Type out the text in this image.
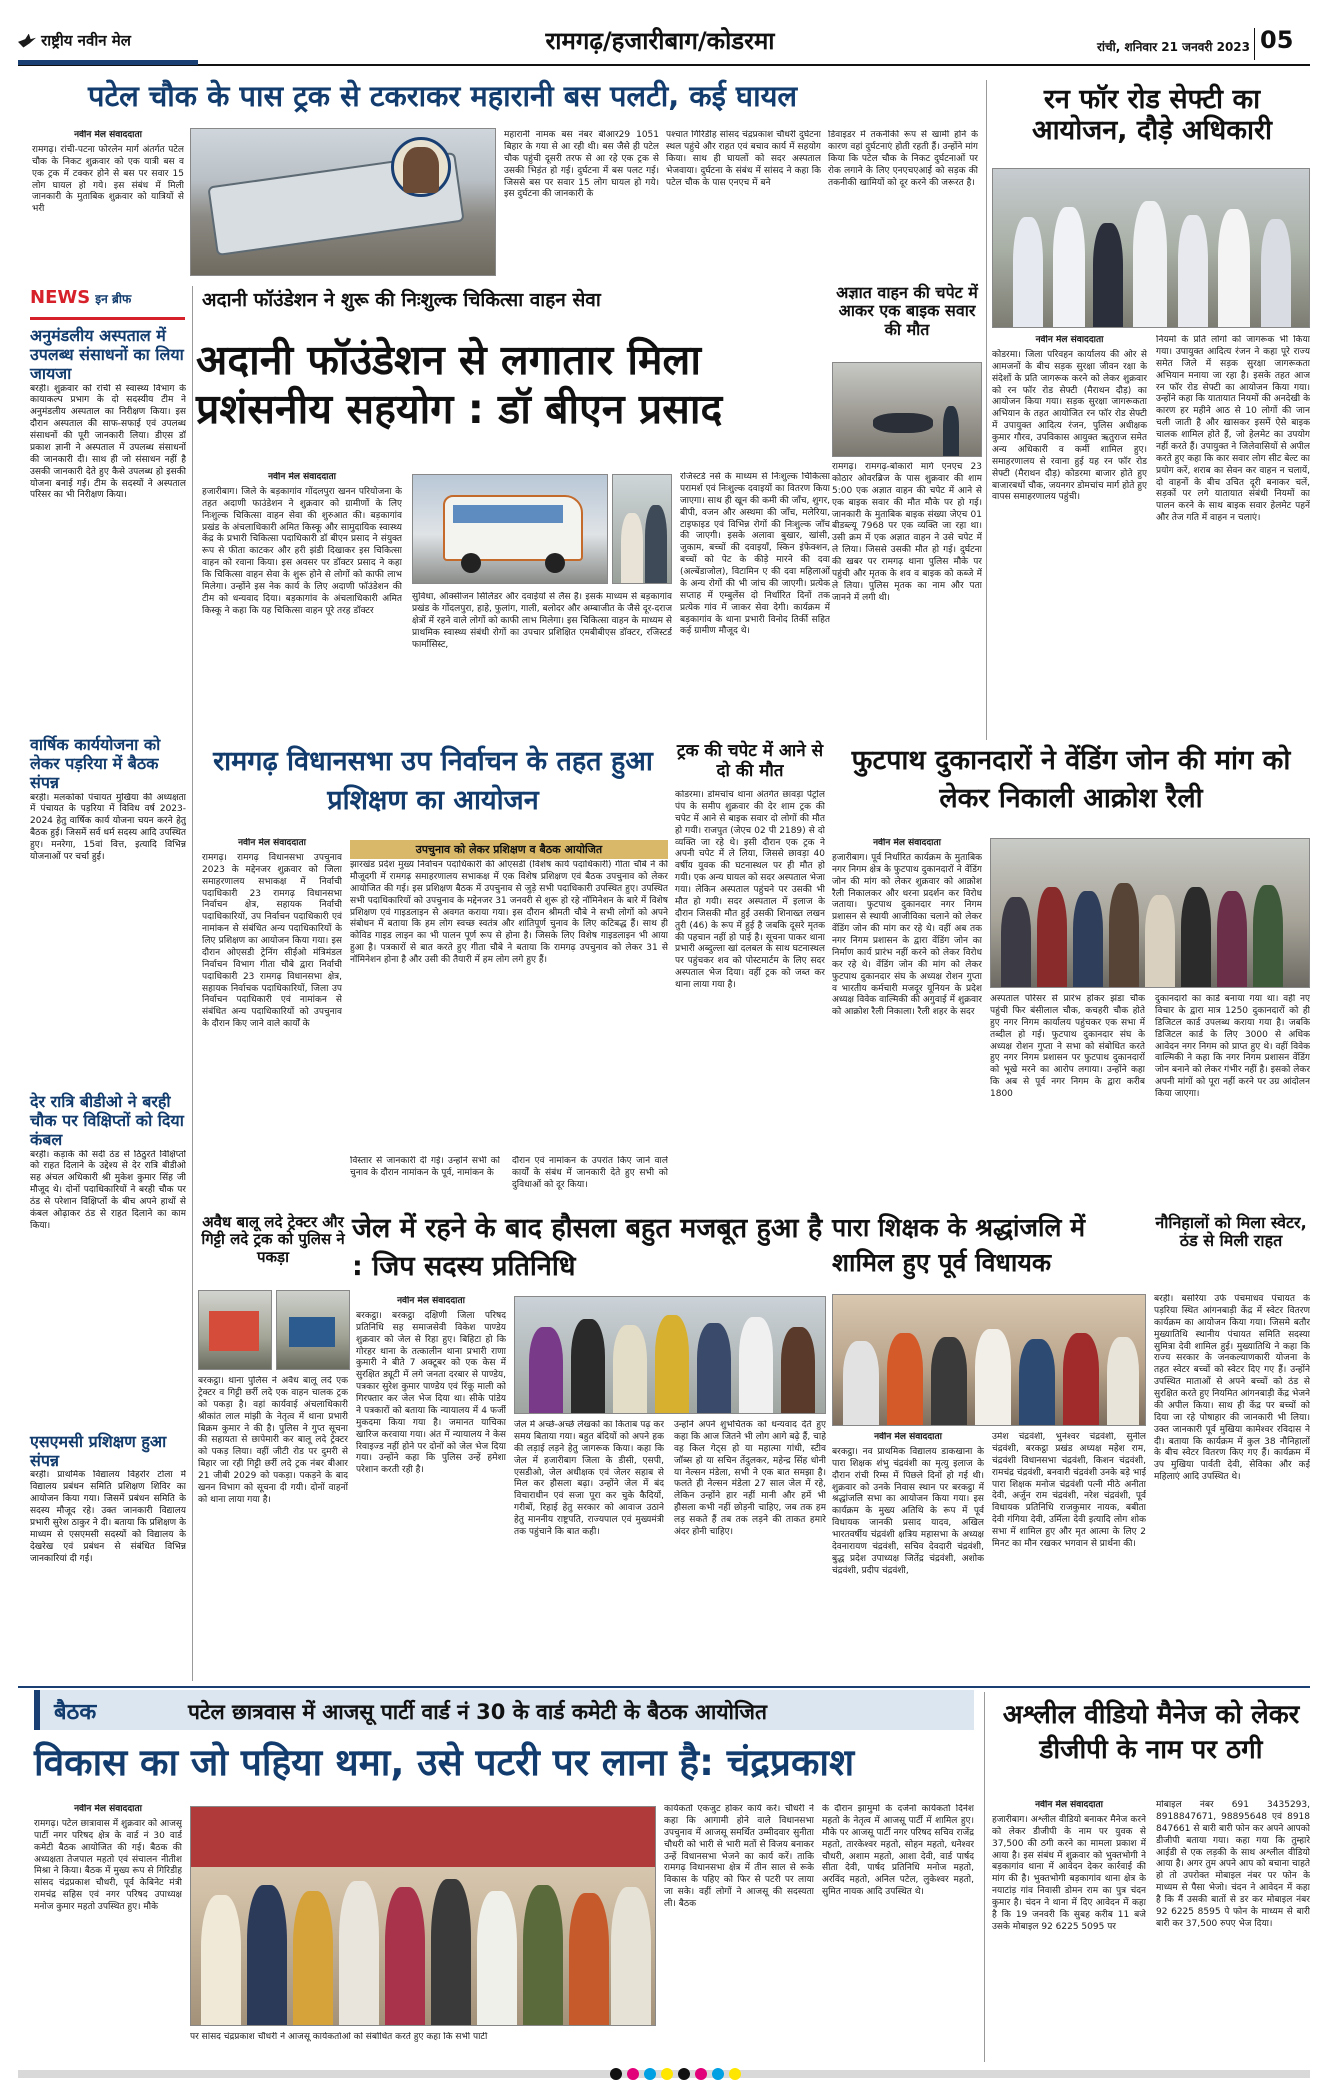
राष्ट्रीय नवीन मेल	रामगढ़/हजारीबाग/कोडरमा	रांची, शनिवार 21 जनवरी 2023 05
पटेल चौक के पास ट्रक से टकराकर महारानी बस पलटी, कई घायल
नवीन मेल संवाददाता
रामगढ़। रांची-पटना फोरलेन मार्ग अंतर्गत पटेल चौक के निकट शुक्रवार को एक यात्री बस व एक ट्रक में टक्कर होने से बस पर सवार 15 लोग घायल हो गये। इस संबंध में मिली जानकारी के मुताबिक शुक्रवार को यात्रियों से भरी
महारानी नामक बस नंबर बीआर29 1051 बिहार के गया से आ रही थी। बस जैसे ही पटेल चौक पहुंची दूसरी तरफ से आ रहे एक ट्रक से उसकी भिड़ंत हो गई। दुर्घटना में बस पलट गई। जिससे बस पर सवार 15 लोग घायल हो गये। इस दुर्घटना की जानकारी के
पश्चात गिरिडीह सांसद चंद्रप्रकाश चौधरी दुर्घटना स्थल पहुंचे और राहत एवं बचाव कार्य में सहयोग किया। साथ ही घायलों को सदर अस्पताल भेजवाया। दुर्घटना के संबंध में सांसद ने कहा कि पटेल चौक के पास एनएच में बने
डिवाइडर में तकनीकी रूप से खामी होने के कारण वहां दुर्घटनाएं होती रहती हैं। उन्होंने मांग किया कि पटेल चौक के निकट दुर्घटनाओं पर रोक लगाने के लिए एनएचएआई को सड़क की तकनीकी खामियों को दूर करने की जरूरत है।
रन फॉर रोड सेफ्टी का आयोजन, दौड़े अधिकारी
नवीन मेल संवाददाता
कोडरमा। जिला परिवहन कार्यालय की ओर से आमजनों के बीच सड़क सुरक्षा जीवन रक्षा के संदेशों के प्रति जागरूक करने को लेकर शुक्रवार को रन फॉर रोड सेफ्टी (मैराथन दौड़) का आयोजन किया गया। सड़क सुरक्षा जागरूकता अभियान के तहत आयोजित रन फॉर रोड सेफ्टी में उपायुक्त आदित्य रंजन, पुलिस अधीक्षक कुमार गौरव, उपविकास आयुक्त ऋतुराज समेत अन्य अधिकारी व कर्मी शामिल हुए। समाहरणालय से रवाना हुई यह रन फॉर रोड सेफ्टी (मैराथन दौड़) कोडरमा बाजार होते हुए बाजारबधों चौक, जयनगर डोमचांच मार्ग होते हुए वापस समाहरणालय पहुंची।
नियमों के प्रति लोगों को जागरूक भी किया गया। उपायुक्त आदित्य रंजन ने कहा पूरे राज्य समेत जिले में सड़क सुरक्षा जागरूकता अभियान मनाया जा रहा है। इसके तहत आज रन फॉर रोड सेफ्टी का आयोजन किया गया। उन्होंने कहा कि यातायात नियमों की अनदेखी के कारण हर महीने आठ से 10 लोगों की जान चली जाती है और खासकर इसमें ऐसे बाइक चालक शामिल होते हैं, जो हेलमेट का उपयोग नहीं करते हैं। उपायुक्त ने जिलेवासियों से अपील करते हुए कहा कि कार सवार लोग सीट बेल्ट का प्रयोग करें, शराब का सेवन कर वाहन न चलायें, दो वाहनों के बीच उचित दूरी बनाकर चलें, सड़कों पर लगे यातायात संबंधी नियमों का पालन करने के साथ बाइक सवार हेलमेट पहनें और तेज गति में वाहन न चलाएं।
NEWS इन ब्रीफ
अनुमंडलीय अस्पताल में उपलब्ध संसाधनों का लिया जायजा
बरही। शुक्रवार को रांची से स्वास्थ्य विभाग के कायाकल्प प्रभाग के दो सदस्यीय टीम ने अनुमंडलीय अस्पताल का निरीक्षण किया। इस दौरान अस्पताल की साफ-सफाई एवं उपलब्ध संसाधनों की पूरी जानकारी लिया। डीएस डॉ प्रकाश ज्ञानी ने अस्पताल में उपलब्ध संसाधनों की जानकारी दी। साथ ही जो संसाधन नहीं है उसकी जानकारी देते हुए कैसे उपलब्ध हो इसकी योजना बनाई गई। टीम के सदस्यों ने अस्पताल परिसर का भी निरीक्षण किया।
वार्षिक कार्ययोजना को लेकर पड़रिया में बैठक संपन्न
बरही। मलकोको पंचायत मुखिया की अध्यक्षता में पंचायत के पड़रिया में विविध वर्ष 2023-2024 हेतु वार्षिक कार्य योजना चयन करने हेतु बैठक हुई। जिसमें सर्व धर्म सदस्य आदि उपस्थित हुए। मनरेगा, 15वां वित्त, इत्यादि विभिन्न योजनाओं पर चर्चा हुई।
देर रात्रि बीडीओ ने बरही चौक पर विक्षिप्तों को दिया कंबल
बरही। कड़ाके की सर्दी ठंड से ठिठुरते विक्षिप्तों को राहत दिलाने के उद्देश्य से देर रात्रि बीडीओ सह अंचल अधिकारी श्री मुकेश कुमार सिंह जी मौजूद थे। दोनों पदाधिकारियों ने बरही चौक पर ठंड से परेशान विक्षिप्तों के बीच अपने हाथों से कंबल ओढ़ाकर ठंड से राहत दिलाने का काम किया।
एसएमसी प्रशिक्षण हुआ संपन्न
बरही। प्राथमिक विद्यालय विहरोर टोला में विद्यालय प्रबंधन समिति प्रशिक्षण शिविर का आयोजन किया गया। जिसमें प्रबंधन समिति के सदस्य मौजूद रहे। उक्त जानकारी विद्यालय प्रभारी सुरेश ठाकुर ने दी। बताया कि प्रशिक्षण के माध्यम से एसएमसी सदस्यों को विद्यालय के देखरेख एवं प्रबंधन से संबंधित विभिन्न जानकारियां दी गई।
अदानी फॉउंडेशन ने शुरू की निःशुल्क चिकित्सा वाहन सेवा
अदानी फॉउंडेशन से लगातार मिला प्रशंसनीय सहयोग : डॉ बीएन प्रसाद
नवीन मेल संवाददाता
हजारीबाग। जिले के बड़कागांव गोंदलपुरा खनन परियोजना के तहत अदाणी फाउंडेशन ने शुक्रवार को ग्रामीणों के लिए निःशुल्क चिकित्सा वाहन सेवा की शुरुआत की। बड़कागांव प्रखंड के अंचलाधिकारी अमित किस्कू और सामुदायिक स्वास्थ्य केंद्र के प्रभारी चिकित्सा पदाधिकारी डॉ बीएन प्रसाद ने संयुक्त रूप से फीता काटकर और हरी झंडी दिखाकर इस चिकित्सा वाहन को रवाना किया। इस अवसर पर डॉक्टर प्रसाद ने कहा कि चिकित्सा वाहन सेवा के शुरू होने से लोगों को काफी लाभ मिलेगा। उन्होंने इस नेक कार्य के लिए अदाणी फॉउंडेशन की टीम को धन्यवाद दिया। बड़कागांव के अंचलाधिकारी अमित किस्कू ने कहा कि यह चिकित्सा वाहन पूरे तरह डॉक्टर
सुविधा, ऑक्सीजन सिलिंडर और दवाईयों से लैस है। इसके माध्यम से बड़कागांव प्रखंड के गोंदलपुरा, हाहे, फुलांग, गाली, बलोदर और अम्बाजीत के जैसे दूर-दराज क्षेत्रों में रहने वाले लोगों को काफी लाभ मिलेगा। इस चिकित्सा वाहन के माध्यम से प्राथमिक स्वास्थ्य संबंधी रोगों का उपचार प्रशिक्षित एमबीबीएस डॉक्टर, रजिस्टर्ड फार्मासिस्ट,
रजिस्टर्ड नर्स के माध्यम से निःशुल्क चिकित्सा परामर्श एवं निःशुल्क दवाइयों का वितरण किया जाएगा। साथ ही खून की कमी की जाँच, शुगर, बीपी, वजन और अस्थमा की जाँच, मलेरिया, टाइफाइड एवं विभिन्न रोगों की निःशुल्क जाँच की जाएगी। इसके अलावा बुखार, खांसी, जुकाम, बच्चों की दवाइयाँ, स्किन इंफेक्शन, बच्चों को पेट के कीड़े मारने की दवा (अल्बेंडाजोल), विटामिन ए की दवा महिलाओं के अन्य रोगों की भी जांच की जाएगी। प्रत्येक सप्ताह में एम्बुलेंस दो निर्धारित दिनों तक प्रत्येक गांव में जाकर सेवा देगी। कार्यक्रम में बड़कागांव के थाना प्रभारी विनोद तिर्की सहित कई ग्रामीण मौजूद थे।
अज्ञात वाहन की चपेट में आकर एक बाइक सवार की मौत
रामगढ़। रामगढ़-बोकारो मार्ग एनएच 23 कोठार ओवरब्रिज के पास शुक्रवार की शाम 5:00 एक अज्ञात वाहन की चपेट में आने से एक बाइक सवार की मौत मौके पर हो गई। जानकारी के मुताबिक बाइक संख्या जेएच 01 बीडब्ल्यू 7968 पर एक व्यक्ति जा रहा था। उसी क्रम में एक अज्ञात वाहन ने उसे चपेट में ले लिया। जिससे उसकी मौत हो गई। दुर्घटना की खबर पर रामगढ़ थाना पुलिस मौके पर पहुंची और मृतक के शव व बाइक को कब्जे में ले लिया। पुलिस मृतक का नाम और पता जानने में लगी थी।
रामगढ़ विधानसभा उप निर्वाचन के तहत हुआ प्रशिक्षण का आयोजन
नवीन मेल संवाददाता
रामगढ़। रामगढ़ विधानसभा उपचुनाव 2023 के मद्देनजर शुक्रवार को जिला समाहरणालय सभाकक्ष में निर्वाची पदाधिकारी 23 रामगढ़ विधानसभा निर्वाचन क्षेत्र, सहायक निर्वाची पदाधिकारियों, उप निर्वाचन पदाधिकारी एवं नामांकन से संबंधित अन्य पदाधिकारियों के लिए प्रशिक्षण का आयोजन किया गया। इस दौरान ओएसडी ट्रेनिंग सीईओ मंत्रिमंडल निर्वाचन विभाग गीता चौबे द्वारा निर्वाची पदाधिकारी 23 रामगढ़ विधानसभा क्षेत्र, सहायक निर्वाचक पदाधिकारियों, जिला उप निर्वाचन पदाधिकारी एवं नामांकन से संबंधित अन्य पदाधिकारियों को उपचुनाव के दौरान किए जाने वाले कार्यों के
उपचुनाव को लेकर प्रशिक्षण व बैठक आयोजित
झारखंड प्रदेश मुख्य निर्वाचन पदाधिकारी की ओएसडी (विशेष कार्य पदाधिकारी) गीता चौबे ने की मौजूदगी में रामगढ़ समाहरणालय सभाकक्ष में एक विशेष प्रशिक्षण एवं बैठक उपचुनाव को लेकर आयोजित की गई। इस प्रशिक्षण बैठक में उपचुनाव से जुड़े सभी पदाधिकारी उपस्थित हुए। उपस्थित सभी पदाधिकारियों को उपचुनाव के मद्देनजर 31 जनवरी से शुरू हो रहे नॉमिनेशन के बारे में विशेष प्रशिक्षण एवं गाइडलाइन से अवगत कराया गया। इस दौरान श्रीमती चौबे ने सभी लोगों को अपने संबोधन में बताया कि हम लोग स्वच्छ स्वतंत्र और शांतिपूर्ण चुनाव के लिए कटिबद्ध हैं। साथ ही कोविड गाइड लाइन का भी पालन पूर्ण रूप से होना है। जिसके लिए विशेष गाइडलाइन भी आया हुआ है। पत्रकारों से बात करते हुए गीता चौबे ने बताया कि रामगढ़ उपचुनाव को लेकर 31 से नॉमिनेशन होना है और उसी की तैयारी में हम लोग लगे हुए हैं।
विस्तार से जानकारी दी गई। उन्होंने सभी को चुनाव के दौरान नामांकन के पूर्व, नामांकन के
दौरान एवं नामांकन के उपरांत किए जाने वाले कार्यों के संबंध में जानकारी देते हुए सभी को दुविधाओं को दूर किया।
ट्रक की चपेट में आने से दो की मौत
कोडरमा। डोमचांच थाना अंतर्गत छावड़ा पेट्रोल पंप के समीप शुक्रवार की देर शाम ट्रक की चपेट में आने से बाइक सवार दो लोगों की मौत हो गयी। राजपुत (जेएच 02 पी 2189) से दो व्यक्ति जा रहे थे। इसी दौरान एक ट्रक ने अपनी चपेट में ले लिया, जिससे छावड़ा 40 वर्षीय युवक की घटनास्थल पर ही मौत हो गयी। एक अन्य घायल को सदर अस्पताल भेजा गया। लेकिन अस्पताल पहुंचने पर उसकी भी मौत हो गयी। सदर अस्पताल में इलाज के दौरान जिसकी मौत हुई उसकी शिनाख्त लखन तुरी (46) के रूप में हुई है जबकि दूसरे मृतक की पहचान नहीं हो पाई है। सूचना पाकर थाना प्रभारी अब्दुल्ला खां दलबल के साथ घटनास्थल पर पहुंचकर शव को पोस्टमार्टम के लिए सदर अस्पताल भेज दिया। वहीं ट्रक को जब्त कर थाना लाया गया है।
फुटपाथ दुकानदारों ने वेंडिंग जोन की मांग को लेकर निकाली आक्रोश रैली
नवीन मेल संवाददाता
हजारीबाग। पूर्व निर्धारित कार्यक्रम के मुताबिक नगर निगम क्षेत्र के फुटपाथ दुकानदारों ने वेंडिंग जोन की मांग को लेकर शुक्रवार को आक्रोश रैली निकालकर और धरना प्रदर्शन कर विरोध जताया। फुटपाथ दुकानदार नगर निगम प्रशासन से स्थायी आजीविका चलाने को लेकर वेंडिंग जोन की मांग कर रहे थे। वहीं अब तक नगर निगम प्रशासन के द्वारा वेंडिंग जोन का निर्माण कार्य प्रारंभ नहीं करने को लेकर विरोध कर रहे थे। वेंडिंग जोन की मांग को लेकर फुटपाथ दुकानदार संघ के अध्यक्ष रोशन गुप्ता व भारतीय कर्मचारी मजदूर यूनियन के प्रदेश अध्यक्ष विवेक वाल्मिकी की अगुवाई में शुक्रवार को आक्रोश रैली निकाला। रैली शहर के सदर
अस्पताल परिसर से प्रारंभ होकर झंडा चौक पहुंची फिर बंसीलाल चौक, कचहरी चौक होते हुए नगर निगम कार्यालय पहुंचकर एक सभा में तब्दील हो गई। फुटपाथ दुकानदार संघ के अध्यक्ष रोशन गुप्ता ने सभा को संबोधित करते हुए नगर निगम प्रशासन पर फुटपाथ दुकानदारों को भूखे मरने का आरोप लगाया। उन्होंने कहा कि अब से पूर्व नगर निगम के द्वारा करीब 1800
दुकानदारों का कार्ड बनाया गया था। वहीं नए विचार के द्वारा मात्र 1250 दुकानदारों को ही डिजिटल कार्ड उपलब्ध कराया गया है। जबकि डिजिटल कार्ड के लिए 3000 से अधिक आवेदन नगर निगम को प्राप्त हुए थे। वहीं विवेक वाल्मिकी ने कहा कि नगर निगम प्रशासन वेंडिंग जोन बनाने को लेकर गंभीर नहीं है। इसको लेकर अपनी मांगों को पूरा नहीं करने पर उग्र आंदोलन किया जाएगा।
अवैध बालू लदे ट्रेक्टर और गिट्टी लदे ट्रक को पुलिस ने पकड़ा
बरकट्ठा। थाना पुलिस ने अवैध बालू लदे एक ट्रेक्टर व गिट्टी छर्री लदे एक वाहन चालक ट्रक को पकड़ा है। वहां कार्यवाई अंचलाधिकारी श्रीकांत लाल मांझी के नेतृत्व में थाना प्रभारी बिक्रम कुमार ने की है। पुलिस ने गुप्त सूचना की सहायता से छापेमारी कर बालू लदे ट्रेक्टर को पकड़ लिया। वहीं जीटी रोड पर दुमरी से बिहार जा रही गिट्टी छर्री लदे ट्रक नंबर बीआर 21 जीबी 2029 को पकड़ा। पकड़ने के बाद खनन विभाग को सूचना दी गयी। दोनों वाहनों को थाना लाया गया है।
जेल में रहने के बाद हौसला बहुत मजबूत हुआ है : जिप सदस्य प्रतिनिधि
नवीन मेल संवाददाता
बरकट्ठा। बरकट्ठा दक्षिणी जिला परिषद प्रतिनिधि सह समाजसेवी विकेश पाण्डेय शुक्रवार को जेल से रिहा हुए। बिहिटा हो कि गोरहर थाना के तत्कालीन थाना प्रभारी राणा कुमारी ने बीते 7 अक्टूबर को एक केस में सुरक्षित ड्यूटी में लगे जनता दरबार से पाण्डेय, पत्रकार सुरेश कुमार पाण्डेय एवं रिंकू माली को गिरफ्तार कर जेल भेज दिया था। सीके पांडेय ने पत्रकारों को बताया कि न्यायालय में 4 फर्जी मुकदमा किया गया है। जमानत याचिका खारिज करवाया गया। अंत में न्यायालय ने केस रिवाइज्ड नहीं होने पर दोनों को जेल भेज दिया गया। उन्होंने कहा कि पुलिस उन्हें हमेशा परेशान करती रही है।
जेल में अच्छे-अच्छे लेखकों का किताब पढ़ कर समय बिताया गया। बहुत बंदियों को अपने हक की लड़ाई लड़ने हेतु जागरूक किया। कहा कि जेल में हजारीबाग जिला के डीसी, एसपी, एसडीओ, जेल अधीक्षक एवं जेलर सहाब से मिल कर हौसला बढ़ा। उन्होंने जेल में बंद विचाराधीन एवं सजा पूरा कर चुके कैदियों, गरीबों, रिहाई हेतु सरकार को आवाज उठाने हेतु माननीय राष्ट्रपति, राज्यपाल एवं मुख्यमंत्री तक पहुंचाने कि बात कही।
उन्होंने अपने शुभचिंतक को धन्यवाद देते हुए कहा कि आज जितने भी लोग आगे बढ़े हैं, चाहे वह किल गेट्स हो या महात्मा गांधी, स्टीव जॉब्स हो या सचिन तेंदुलकर, महेन्द्र सिंह धोनी या नेल्सन मंडेला, सभी ने एक बात समझा है। फलते ही नेल्सन मंडेला 27 साल जेल में रहे, लेकिन उन्होंने हार नहीं मानी और हमें भी हौसला कभी नहीं छोड़नी चाहिए, जब तक हम लड़ सकते हैं तब तक लड़ने की ताकत हमारे अंदर होनी चाहिए।
पारा शिक्षक के श्रद्धांजलि में शामिल हुए पूर्व विधायक
नवीन मेल संवाददाता
बरकट्ठा। नव प्राथमिक विद्यालय डाकखाना के पारा शिक्षक शंभु चंद्रवंशी का मृत्यु इलाज के दौरान रांची रिम्स में पिछले दिनों हो गई थी। शुक्रवार को उनके निवास स्थान पर बरकट्ठा में श्रद्धांजलि सभा का आयोजन किया गया। इस कार्यक्रम के मुख्य अतिथि के रूप में पूर्व विधायक जानकी प्रसाद यादव, अखिल भारतवर्षीय चंद्रवंशी क्षत्रिय महासभा के अध्यक्ष देवनारायण चंद्रवंशी, सचिव देवदारी चंद्रवंशी, बुद्ध प्रदेश उपाध्यक्ष जितेंद्र चंद्रवंशी, अशोक चंद्रवंशी, प्रदीप चंद्रवंशी,
उमेश चंद्रवंशी, भुनेश्वर चंद्रवंशी, सुनील चंद्रवंशी, बरकट्ठा प्रखंड अध्यक्ष महेश राम, चंद्रवंशी विधानसभा चंद्रवंशी, किशन चंद्रवंशी, रामचंद्र चंद्रवंशी, बनवारी चंद्रवंशी उनके बड़े भाई पारा शिक्षक मनोज चंद्रवंशी पत्नी मीठे अनीता देवी, अर्जुन राम चंद्रवंशी, नरेश चंद्रवंशी, पूर्व विधायक प्रतिनिधि राजकुमार नायक, बबीता देवी गंगिया देवी, उर्मिला देवी इत्यादि लोग शोक सभा में शामिल हुए और मृत आत्मा के लिए 2 मिनट का मौन रखकर भगवान से प्रार्थना की।
नौनिहालों को मिला स्वेटर, ठंड से मिली राहत
बरही। बसरिया उर्फ पंचमाधव पंचायत के पड़रिया स्थित आंगनबाड़ी केंद्र में स्वेटर वितरण कार्यक्रम का आयोजन किया गया। जिसमे बतौर मुख्यातिथि स्थानीय पंचायत समिति सदस्या सुमित्रा देवी शामिल हुई। मुख्यातिथि ने कहा कि राज्य सरकार के जनकल्याणकारी योजना के तहत स्वेटर बच्चों को स्वेटर दिए गए हैं। उन्होंने उपस्थित माताओं से अपने बच्चों को ठंड से सुरक्षित करते हुए नियमित आंगनबाड़ी केंद्र भेजने की अपील किया। साथ ही केंद्र पर बच्चों को दिया जा रहे पोषाहार की जानकारी भी लिया। उक्त जानकारी पूर्व मुखिया कामेश्वर रविदास ने दी। बताया कि कार्यक्रम में कुल 38 नौनिहालों के बीच स्वेटर वितरण किए गए हैं। कार्यक्रम में उप मुखिया पार्वती देवी, सेविका और कई महिलाएं आदि उपस्थित थे।
बैठक	पटेल छात्रवास में आजसू पार्टी वार्ड नं 30 के वार्ड कमेटी के बैठक आयोजित
विकास का जो पहिया थमा, उसे पटरी पर लाना है: चंद्रप्रकाश
नवीन मेल संवाददाता
रामगढ़। पटेल छात्रावास में शुक्रवार को आजसू पार्टी नगर परिषद क्षेत्र के वार्ड नं 30 वार्ड कमेटी बैठक आयोजित की गई। बैठक की अध्यक्षता तेजपाल महतो एवं संचालन नीतीश मिश्रा ने किया। बैठक में मुख्य रूप से गिरिडीह सांसद चंद्रप्रकाश चौधरी, पूर्व केबिनेट मंत्री रामचंद्र सहिस एवं नगर परिषद उपाध्यक्ष मनोज कुमार महतो उपस्थित हुए। मौके
पर सांसद चंद्रप्रकाश चौधरी ने आजसू कार्यकर्ताओं को संबोधित करते हुए कहा कि सभी पार्टी
कार्यकर्ता एकजुट होकर कार्य करें। चौधरी ने कहा कि आगामी होने वाले विधानसभा उपचुनाव में आजसू समर्थित उम्मीदवार सुनीता चौधरी को भारी से भारी मतों से विजय बनाकर उन्हें विधानसभा भेजने का कार्य करें। ताकि रामगढ़ विधानसभा क्षेत्र में तीन साल से रूके विकास के पहिए को फिर से पटरी पर लाया जा सके। वहीं लोगों ने आजसू की सदस्यता ली। बैठक
के दौरान झामुमो के दर्जनों कार्यकर्ता दिनेश महतो के नेतृत्व में आजसू पार्टी में शामिल हुए। मौके पर आजसू पार्टी नगर परिषद सचिव राजेंद्र महतो, तारकेश्वर महतो, सोहन महतो, धनेश्वर चौधरी, अशाम महतो, आशा देवी, वार्ड पार्षद सीता देवी, पार्षद प्रतिनिधि मनोज महतो, अरविंद महतो, अनिल पटेल, लुकेश्वर महतो, सुमित नायक आदि उपस्थित थे।
अश्लील वीडियो मैनेज को लेकर डीजीपी के नाम पर ठगी
नवीन मेल संवाददाता
हजारीबाग। अश्लील वीडियो बनाकर मैनेज करने को लेकर डीजीपी के नाम पर युवक से 37,500 की ठगी करने का मामला प्रकाश में आया है। इस संबंध में शुक्रवार को भुक्तभोगी ने बड़कागांव थाना में आवेदन देकर कार्रवाई की मांग की है। भुक्तभोगी बड़कागांव थाना क्षेत्र के नयाटांड़ गांव निवासी डोमन राम का पुत्र चंदन कुमार है। चंदन ने थाना में दिए आवेदन में कहा है कि 19 जनवरी कि सुबह करीब 11 बजे उसके मोबाइल 92 6225 5095 पर
मोबाइल नंबर 691 3435293, 8918847671, 98895648 एवं 8918 847661 से बारी बारी फोन कर अपने आपको डीजीपी बताया गया। कहा गया कि तुम्हारे आईडी से एक लड़की के साथ अश्लील वीडियो आया है। अगर तुम अपने आप को बचाना चाहते हो तो उपरोक्त मोबाइल नंबर पर फोन के माध्यम से पैसा भेजो। चंदन ने आवेदन में कहा है कि मैं उसकी बातों से डर कर मोबाइल नंबर 92 6225 8595 पे फोन के माध्यम से बारी बारी कर 37,500 रुपए भेज दिया।
